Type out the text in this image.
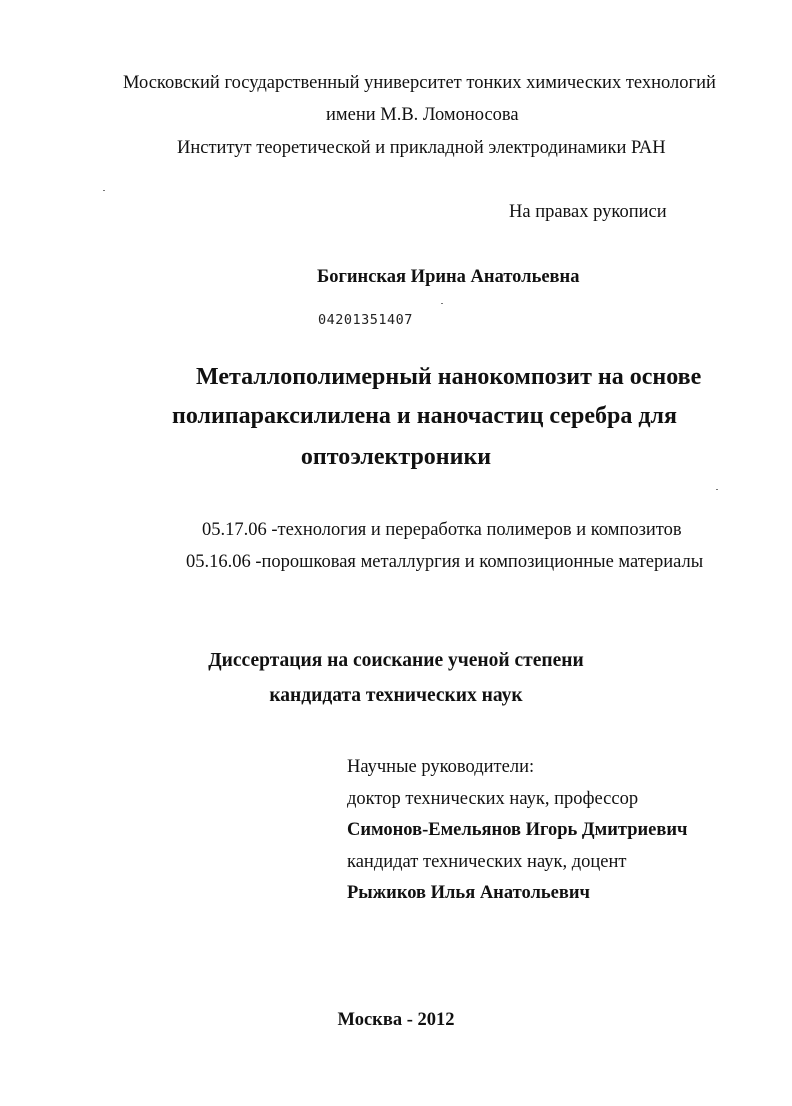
Московский государственный университет тонких химических технологий
имени М.В. Ломоносова
Институт теоретической и прикладной электродинамики РАН
На правах рукописи
Богинская Ирина Анатольевна
04201351407
Металлополимерный нанокомпозит на основе
полипараксилилена и наночастиц серебра для
оптоэлектроники
05.17.06 -технология и переработка полимеров и композитов
05.16.06 -порошковая металлургия и композиционные материалы
Диссертация на соискание ученой степени
кандидата технических наук
Научные руководители:
доктор технических наук, профессор
Симонов-Емельянов Игорь Дмитриевич
кандидат технических наук, доцент
Рыжиков Илья Анатольевич
Москва - 2012
